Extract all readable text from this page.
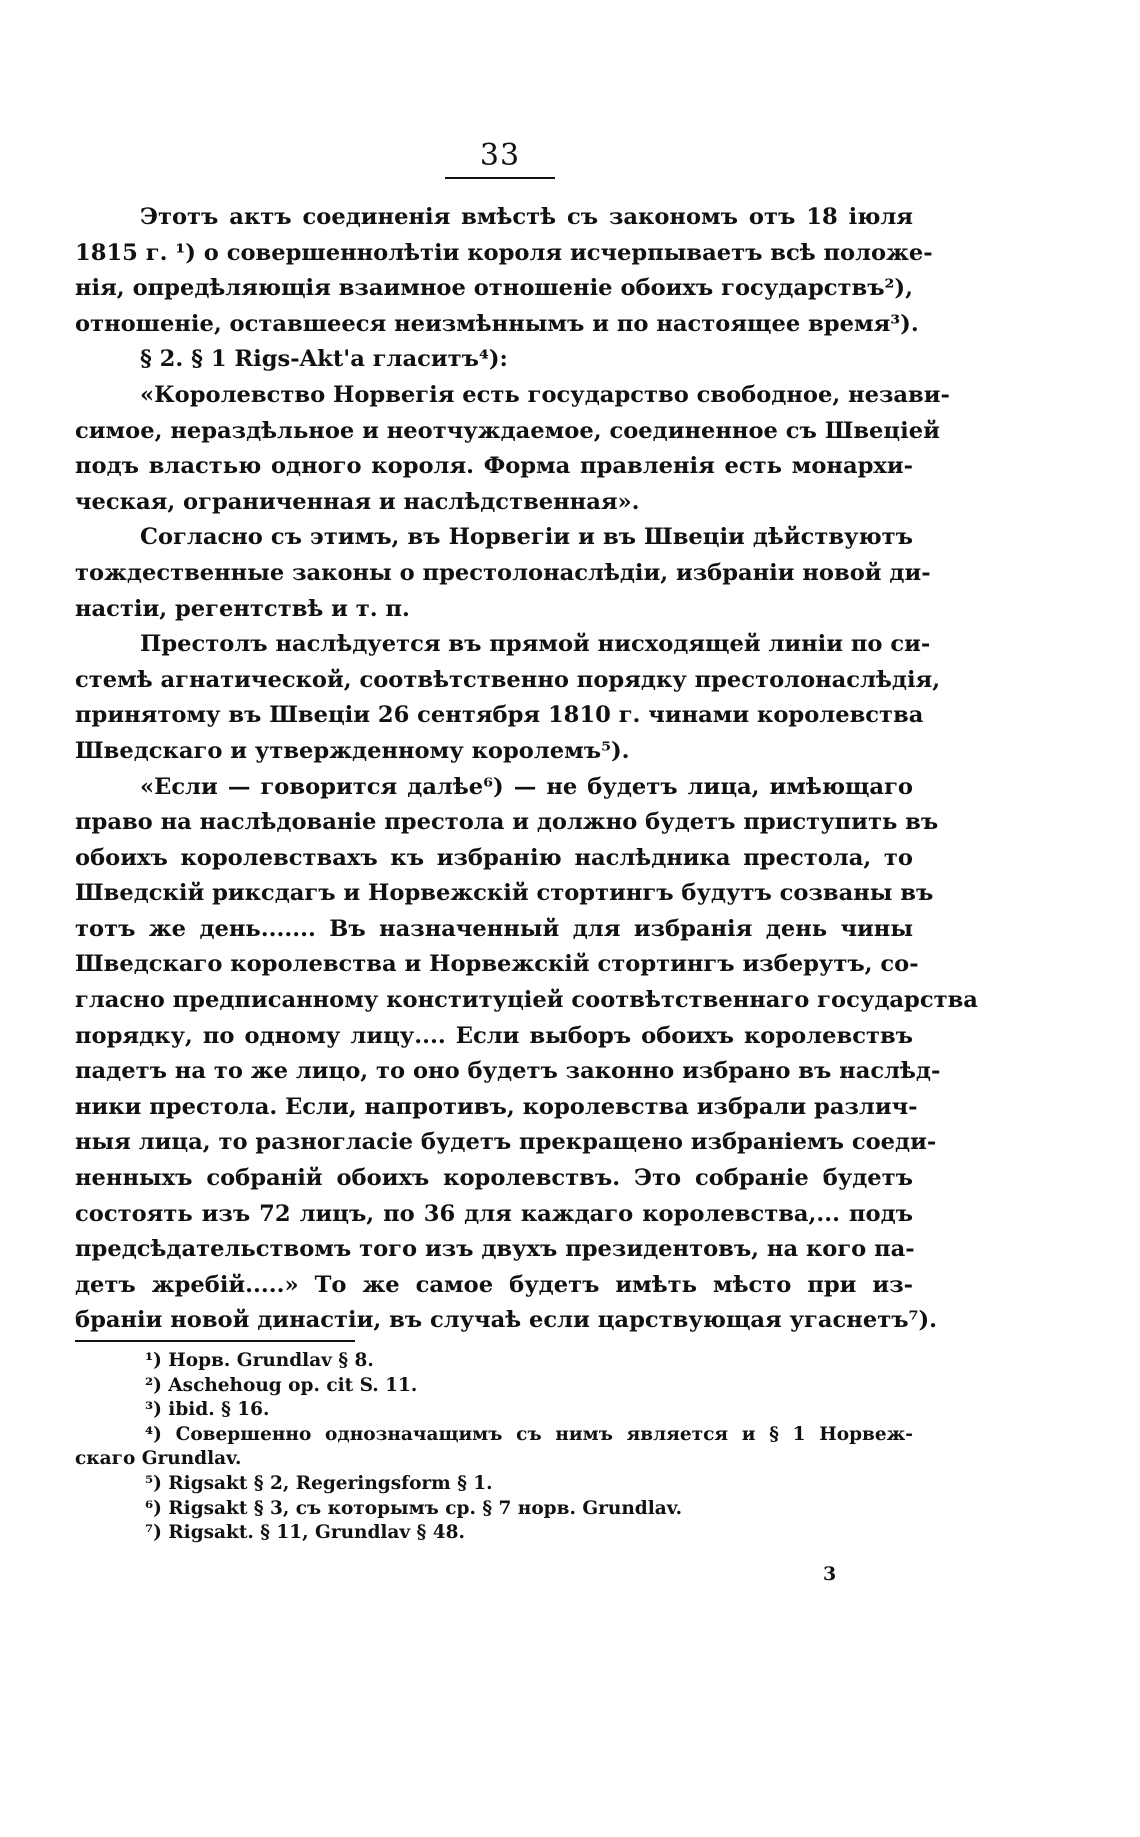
33
Этотъ актъ соединенія вмѣстѣ съ закономъ отъ 18 іюля
1815 г. ¹) о совершеннолѣтіи короля исчерпываетъ всѣ положе-
нія, опредѣляющія взаимное отношеніе обоихъ государствъ²),
отношеніе, оставшееся неизмѣннымъ и по настоящее время³).
§ 2. § 1 Rigs-Akt'a гласитъ⁴):
«Королевство Норвегія есть государство свободное, незави-
симое, нераздѣльное и неотчуждаемое, соединенное съ Швеціей
подъ властью одного короля. Форма правленія есть монархи-
ческая, ограниченная и наслѣдственная».
Согласно съ этимъ, въ Норвегіи и въ Швеціи дѣйствуютъ
тождественные законы о престолонаслѣдіи, избраніи новой ди-
настіи, регентствѣ и т. п.
Престолъ наслѣдуется въ прямой нисходящей линіи по си-
стемѣ агнатической, соотвѣтственно порядку престолонаслѣдія,
принятому въ Швеціи 26 сентября 1810 г. чинами королевства
Шведскаго и утвержденному королемъ⁵).
«Если — говорится далѣе⁶) — не будетъ лица, имѣющаго
право на наслѣдованіе престола и должно будетъ приступить въ
обоихъ королевствахъ къ избранію наслѣдника престола, то
Шведскій риксдагъ и Норвежскій стортингъ будутъ созваны въ
тотъ же день....... Въ назначенный для избранія день чины
Шведскаго королевства и Норвежскій стортингъ изберутъ, со-
гласно предписанному конституціей соотвѣтственнаго государства
порядку, по одному лицу.... Если выборъ обоихъ королевствъ
падетъ на то же лицо, то оно будетъ законно избрано въ наслѣд-
ники престола. Если, напротивъ, королевства избрали различ-
ныя лица, то разногласіе будетъ прекращено избраніемъ соеди-
ненныхъ собраній обоихъ королевствъ. Это собраніе будетъ
состоять изъ 72 лицъ, по 36 для каждаго королевства,... подъ
предсѣдательствомъ того изъ двухъ президентовъ, на кого па-
детъ жребій.....» То же самое будетъ имѣть мѣсто при из-
браніи новой династіи, въ случаѣ если царствующая угаснетъ⁷).
¹) Норв. Grundlav § 8.
²) Aschehoug op. cit S. 11.
³) ibid. § 16.
⁴) Совершенно однозначащимъ съ нимъ является и § 1 Норвеж-
скаго Grundlav.
⁵) Rigsakt § 2, Regeringsform § 1.
⁶) Rigsakt § 3, съ которымъ ср. § 7 норв. Grundlav.
⁷) Rigsakt. § 11, Grundlav § 48.
3
